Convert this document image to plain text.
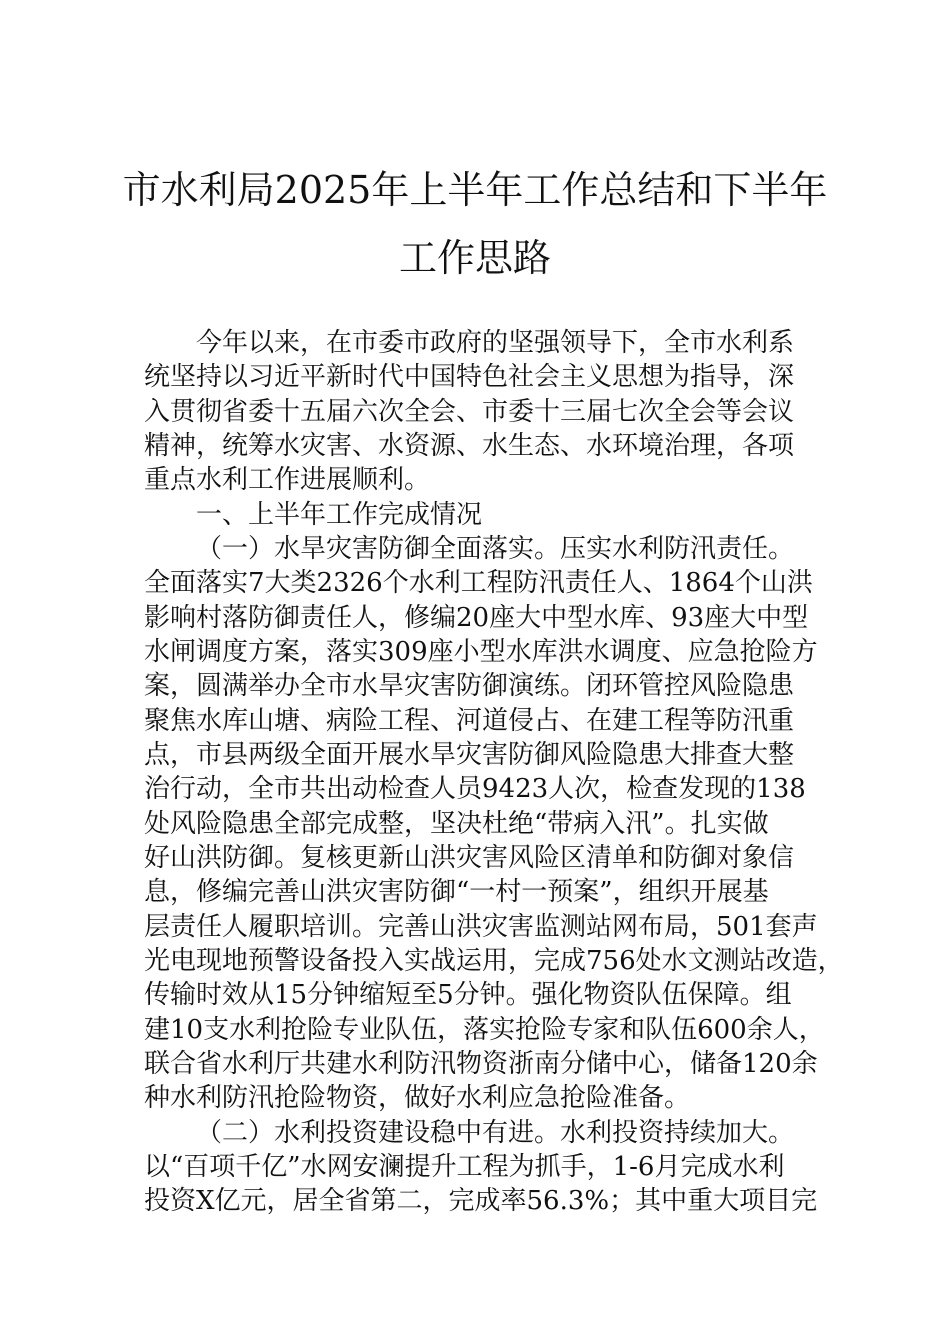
市水利局2025年上半年工作总结和下半年
工作思路
今年以来，在市委市政府的坚强领导下，全市水利系
统坚持以习近平新时代中国特色社会主义思想为指导，深
入贯彻省委十五届六次全会、市委十三届七次全会等会议
精神，统筹水灾害、水资源、水生态、水环境治理，各项
重点水利工作进展顺利。
一、上半年工作完成情况
（一）水旱灾害防御全面落实。压实水利防汛责任。
全面落实7大类2326个水利工程防汛责任人、1864个山洪
影响村落防御责任人，修编20座大中型水库、93座大中型
水闸调度方案，落实309座小型水库洪水调度、应急抢险方
案，圆满举办全市水旱灾害防御演练。闭环管控风险隐患
聚焦水库山塘、病险工程、河道侵占、在建工程等防汛重
点，市县两级全面开展水旱灾害防御风险隐患大排查大整
治行动，全市共出动检查人员9423人次，检查发现的138
处风险隐患全部完成整，坚决杜绝“带病入汛”。扎实做
好山洪防御。复核更新山洪灾害风险区清单和防御对象信
息，修编完善山洪灾害防御“一村一预案”，组织开展基
层责任人履职培训。完善山洪灾害监测站网布局，501套声
光电现地预警设备投入实战运用，完成756处水文测站改造，
传输时效从15分钟缩短至5分钟。强化物资队伍保障。组
建10支水利抢险专业队伍，落实抢险专家和队伍600余人，
联合省水利厅共建水利防汛物资浙南分储中心，储备120余
种水利防汛抢险物资，做好水利应急抢险准备。
（二）水利投资建设稳中有进。水利投资持续加大。
以“百项千亿”水网安澜提升工程为抓手，1-6月完成水利
投资X亿元，居全省第二，完成率56.3%；其中重大项目完
